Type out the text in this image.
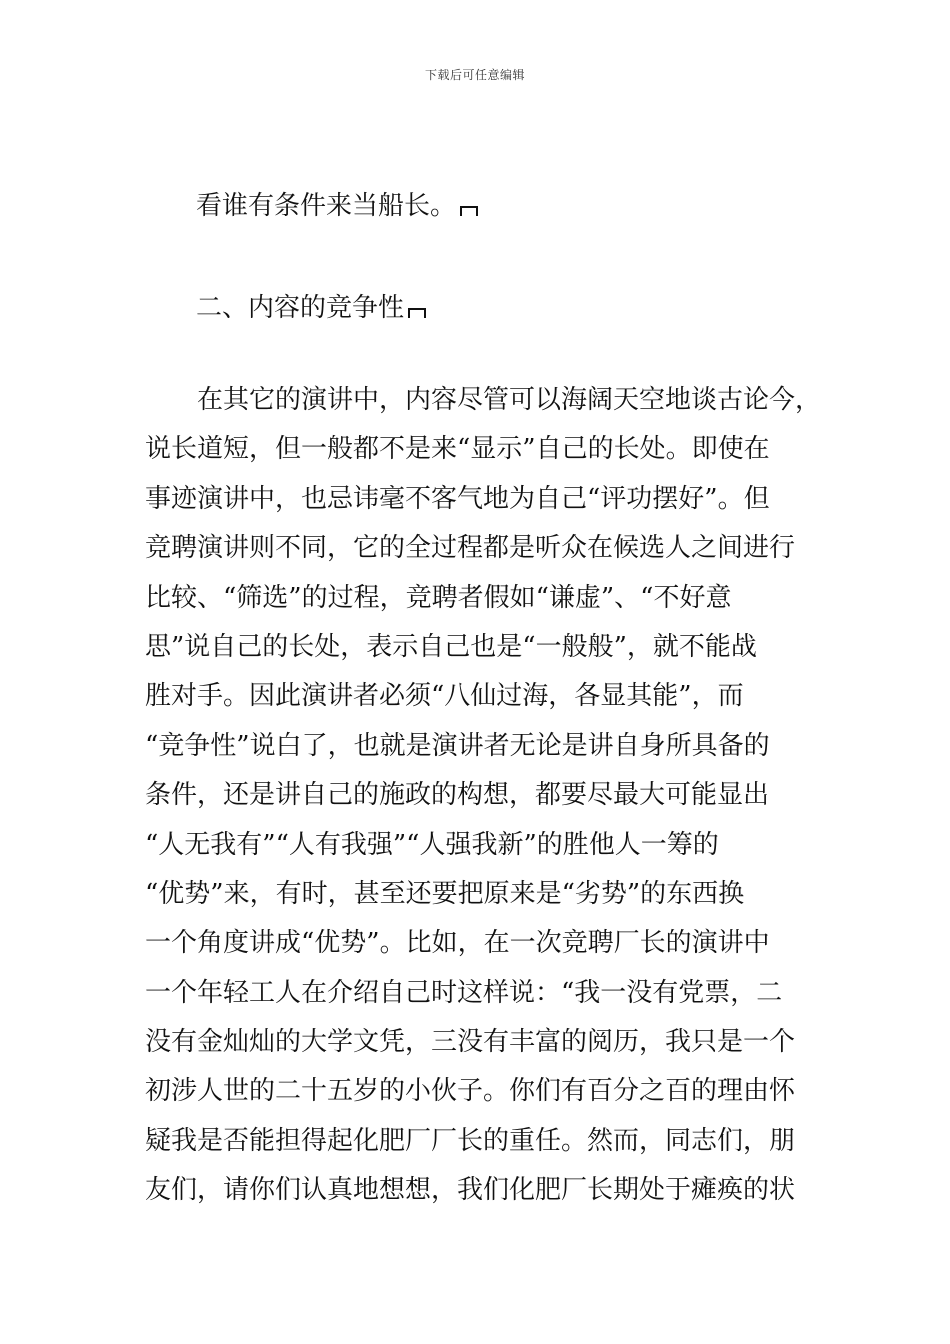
下载后可任意编辑
看谁有条件来当船长。
二、内容的竞争性
在其它的演讲中，内容尽管可以海阔天空地谈古论今，
说长道短，但一般都不是来“显示”自己的长处。即使在
事迹演讲中，也忌讳毫不客气地为自己“评功摆好”。但
竞聘演讲则不同，它的全过程都是听众在候选人之间进行
比较、“筛选”的过程，竞聘者假如“谦虚”、“不好意
思”说自己的长处，表示自己也是“一般般”，就不能战
胜对手。因此演讲者必须“八仙过海，各显其能”，而
“竞争性”说白了，也就是演讲者无论是讲自身所具备的
条件，还是讲自己的施政的构想，都要尽最大可能显出
“人无我有”“人有我强”“人强我新”的胜他人一筹的
“优势”来，有时，甚至还要把原来是“劣势”的东西换
一个角度讲成“优势”。比如，在一次竞聘厂长的演讲中
一个年轻工人在介绍自己时这样说：“我一没有党票，二
没有金灿灿的大学文凭，三没有丰富的阅历，我只是一个
初涉人世的二十五岁的小伙子。你们有百分之百的理由怀
疑我是否能担得起化肥厂厂长的重任。然而，同志们，朋
友们，请你们认真地想想，我们化肥厂长期处于瘫痪的状
